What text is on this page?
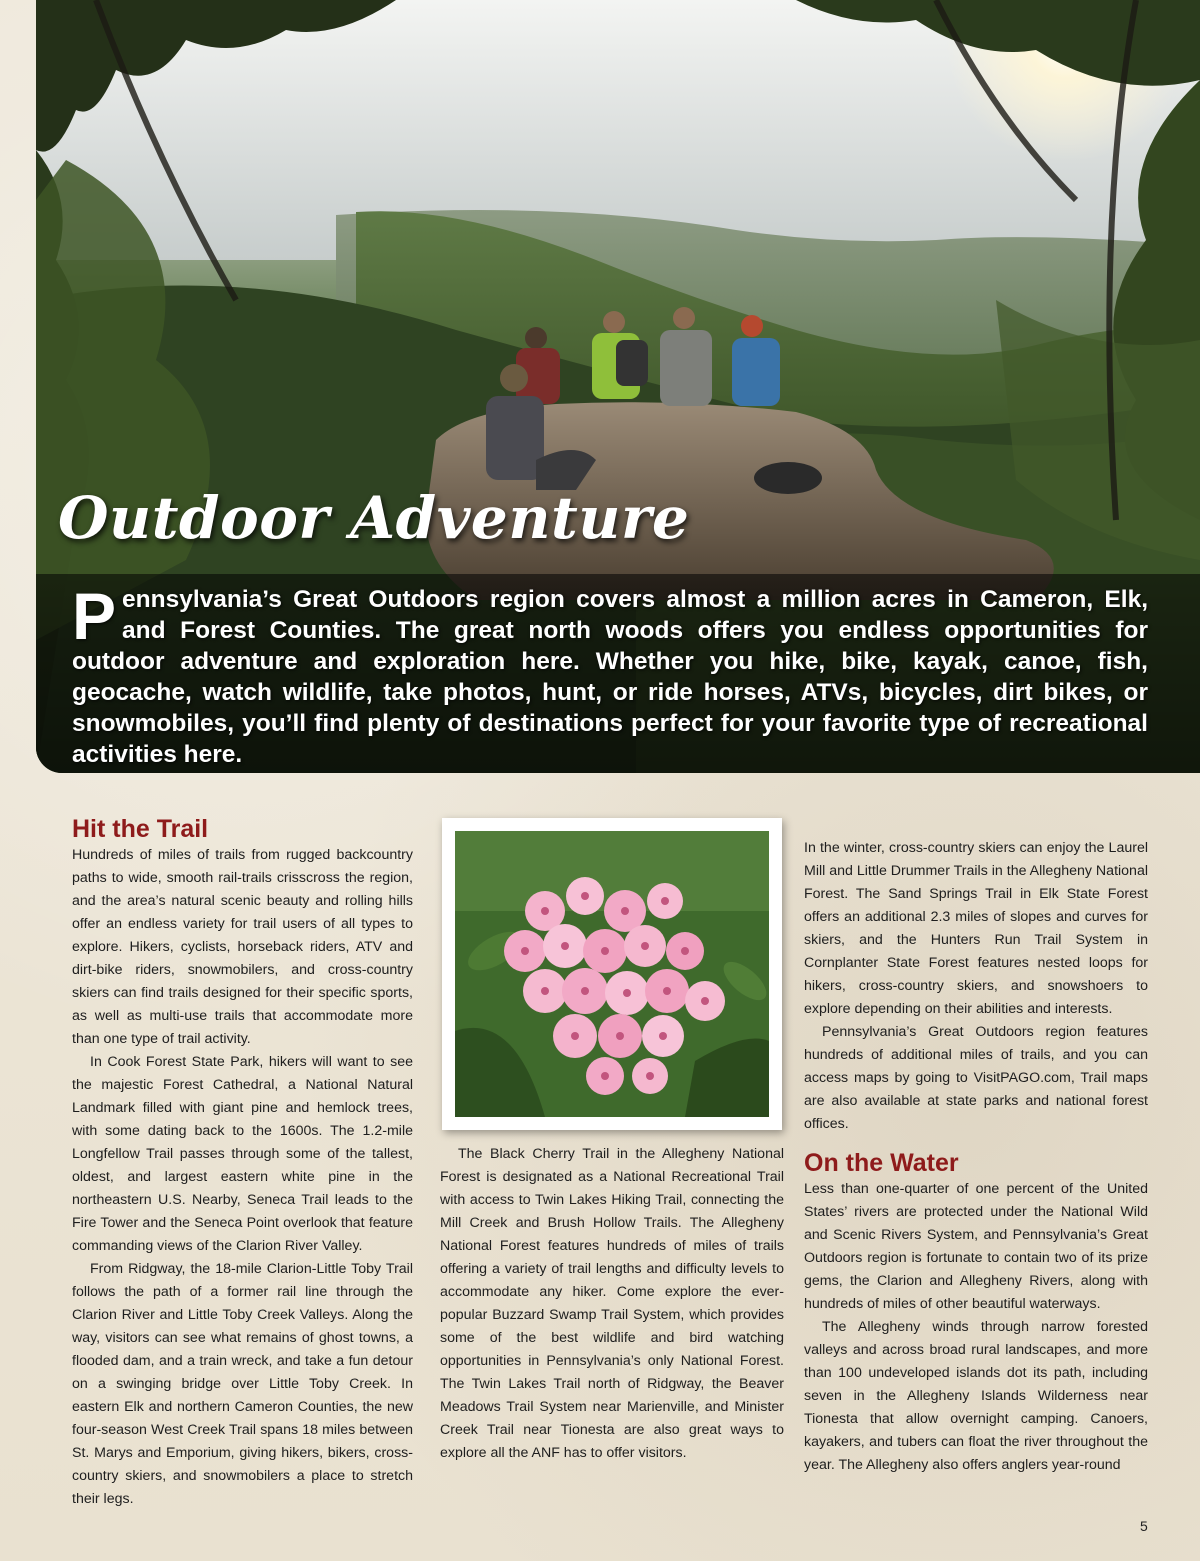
Outdoor Adventure

Pennsylvania’s Great Outdoors region covers almost a million acres in Cameron, Elk, and Forest Counties. The great north woods offers you endless opportunities for outdoor adventure and exploration here. Whether you hike, bike, kayak, canoe, fish, geocache, watch wildlife, take photos, hunt, or ride horses, ATVs, bicycles, dirt bikes, or snowmobiles, you’ll find plenty of destinations perfect for your favorite type of recreational activities here.

Hit the Trail

Hundreds of miles of trails from rugged backcountry paths to wide, smooth rail-trails crisscross the region, and the area’s natural scenic beauty and rolling hills offer an endless variety for trail users of all types to explore. Hikers, cyclists, horseback riders, ATV and dirt-bike riders, snowmobilers, and cross-country skiers can find trails designed for their specific sports, as well as multi-use trails that accommodate more than one type of trail activity.

In Cook Forest State Park, hikers will want to see the majestic Forest Cathedral, a National Natural Landmark filled with giant pine and hemlock trees, with some dating back to the 1600s. The 1.2-mile Longfellow Trail passes through some of the tallest, oldest, and largest eastern white pine in the northeastern U.S. Nearby, Seneca Trail leads to the Fire Tower and the Seneca Point overlook that feature commanding views of the Clarion River Valley.

From Ridgway, the 18-mile Clarion-Little Toby Trail follows the path of a former rail line through the Clarion River and Little Toby Creek Valleys. Along the way, visitors can see what remains of ghost towns, a flooded dam, and a train wreck, and take a fun detour on a swinging bridge over Little Toby Creek. In eastern Elk and northern Cameron Counties, the new four-season West Creek Trail spans 18 miles between St. Marys and Emporium, giving hikers, bikers, cross-country skiers, and snowmobilers a place to stretch their legs.

The Black Cherry Trail in the Allegheny National Forest is designated as a National Recreational Trail with access to Twin Lakes Hiking Trail, connecting the Mill Creek and Brush Hollow Trails. The Allegheny National Forest features hundreds of miles of trails offering a variety of trail lengths and difficulty levels to accommodate any hiker. Come explore the ever-popular Buzzard Swamp Trail System, which provides some of the best wildlife and bird watching opportunities in Pennsylvania’s only National Forest. The Twin Lakes Trail north of Ridgway, the Beaver Meadows Trail System near Marienville, and Minister Creek Trail near Tionesta are also great ways to explore all the ANF has to offer visitors.

In the winter, cross-country skiers can enjoy the Laurel Mill and Little Drummer Trails in the Allegheny National Forest. The Sand Springs Trail in Elk State Forest offers an additional 2.3 miles of slopes and curves for skiers, and the Hunters Run Trail System in Cornplanter State Forest features nested loops for hikers, cross-country skiers, and snowshoers to explore depending on their abilities and interests.

Pennsylvania’s Great Outdoors region features hundreds of additional miles of trails, and you can access maps by going to VisitPAGO.com, Trail maps are also available at state parks and national forest offices.

On the Water

Less than one-quarter of one percent of the United States’ rivers are protected under the National Wild and Scenic Rivers System, and Pennsylvania’s Great Outdoors region is fortunate to contain two of its prize gems, the Clarion and Allegheny Rivers, along with hundreds of miles of other beautiful waterways.

The Allegheny winds through narrow forested valleys and across broad rural landscapes, and more than 100 undeveloped islands dot its path, including seven in the Allegheny Islands Wilderness near Tionesta that allow overnight camping. Canoers, kayakers, and tubers can float the river throughout the year. The Allegheny also offers anglers year-round

5
